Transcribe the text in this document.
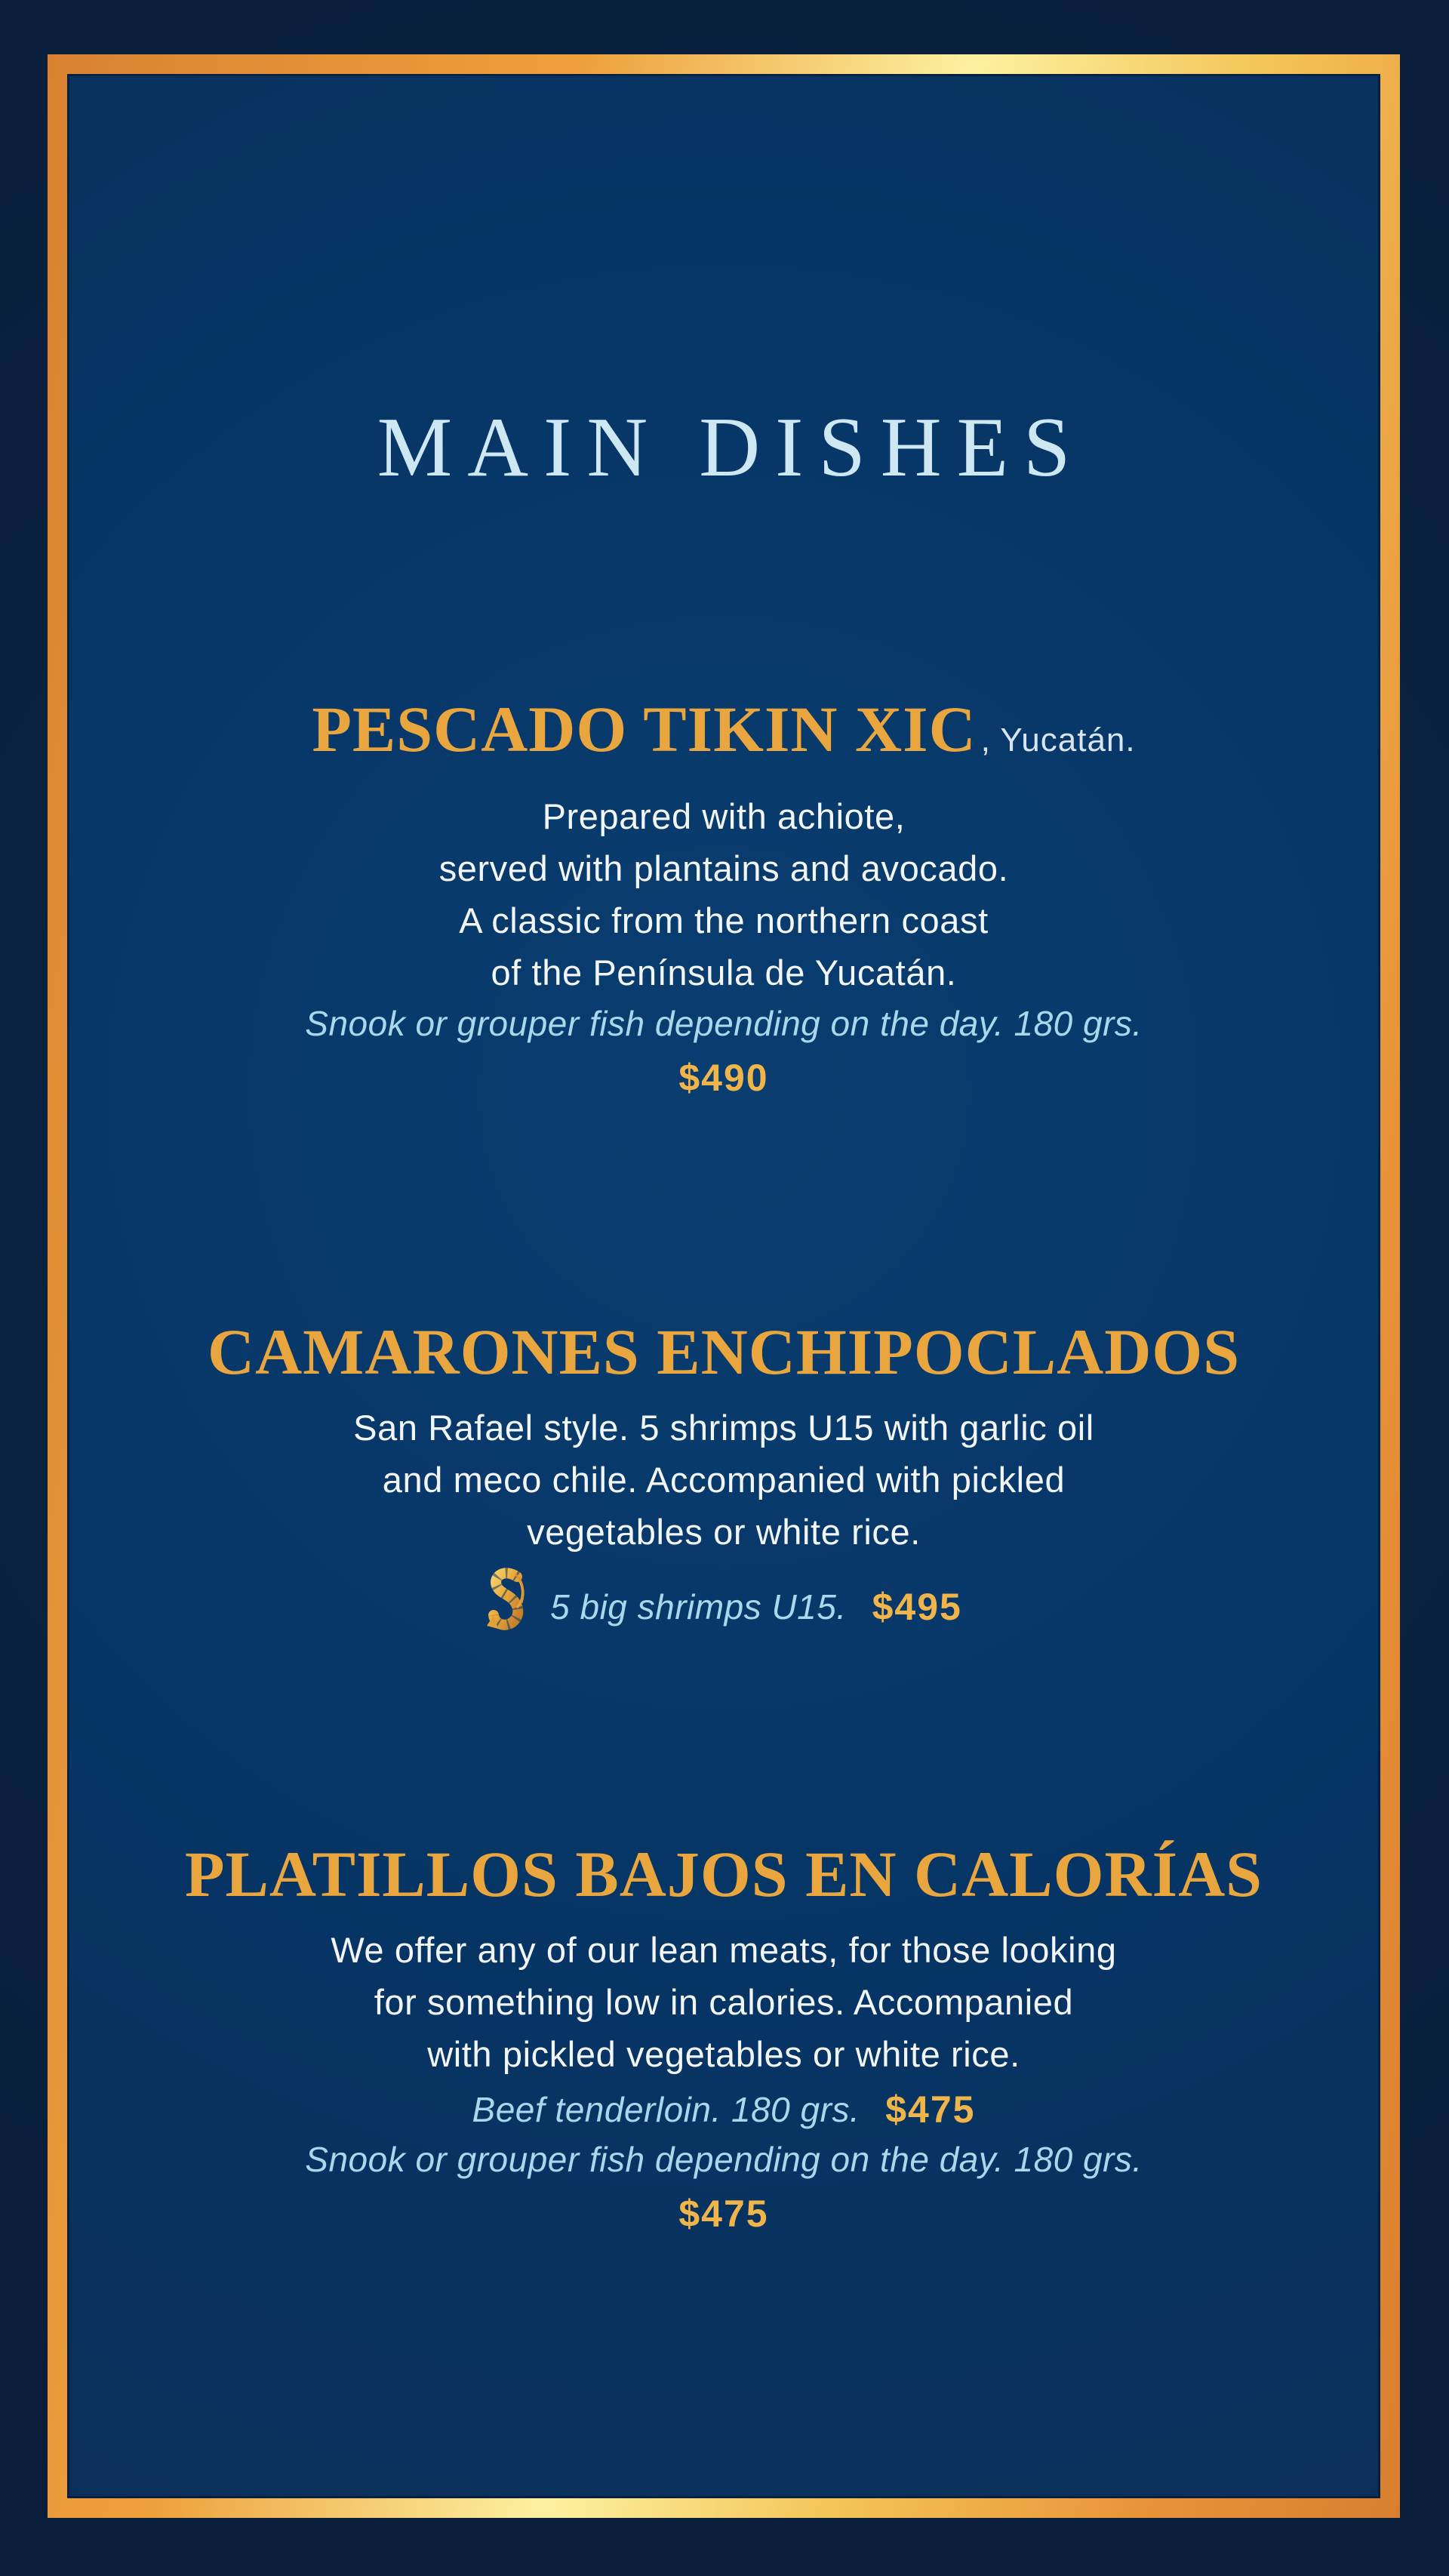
MAIN DISHES
PESCADO TIKIN XIC , Yucatán.
Prepared with achiote,
served with plantains and avocado.
A classic from the northern coast
of the Península de Yucatán.
Snook or grouper fish depending on the day. 180 grs.
$490
CAMARONES ENCHIPOCLADOS
San Rafael style. 5 shrimps U15 with garlic oil
and meco chile. Accompanied with pickled
vegetables or white rice.
5 big shrimps U15. $495
PLATILLOS BAJOS EN CALORÍAS
We offer any of our lean meats, for those looking
for something low in calories. Accompanied
with pickled vegetables or white rice.
Beef tenderloin. 180 grs. $475
Snook or grouper fish depending on the day. 180 grs.
$475
